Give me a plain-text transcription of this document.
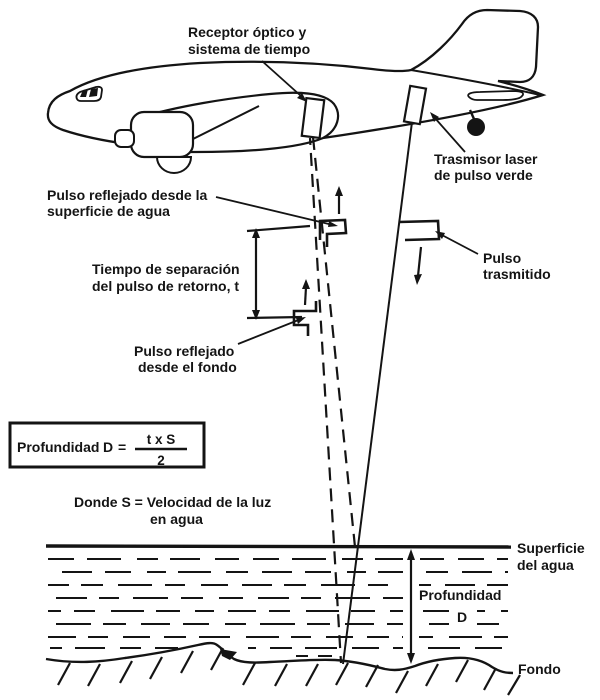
Receptor óptico y
sistema de tiempo
Trasmisor laser
de pulso verde
Pulso reflejado desde la
superficie de agua
Tiempo de separación
del pulso de retorno, t
Pulso reflejado
desde el fondo
Pulso
trasmitido
Superficie
del agua
Profundidad
D
Fondo
Profundidad D = t x S
2
Donde S = Velocidad de la luz
en agua
